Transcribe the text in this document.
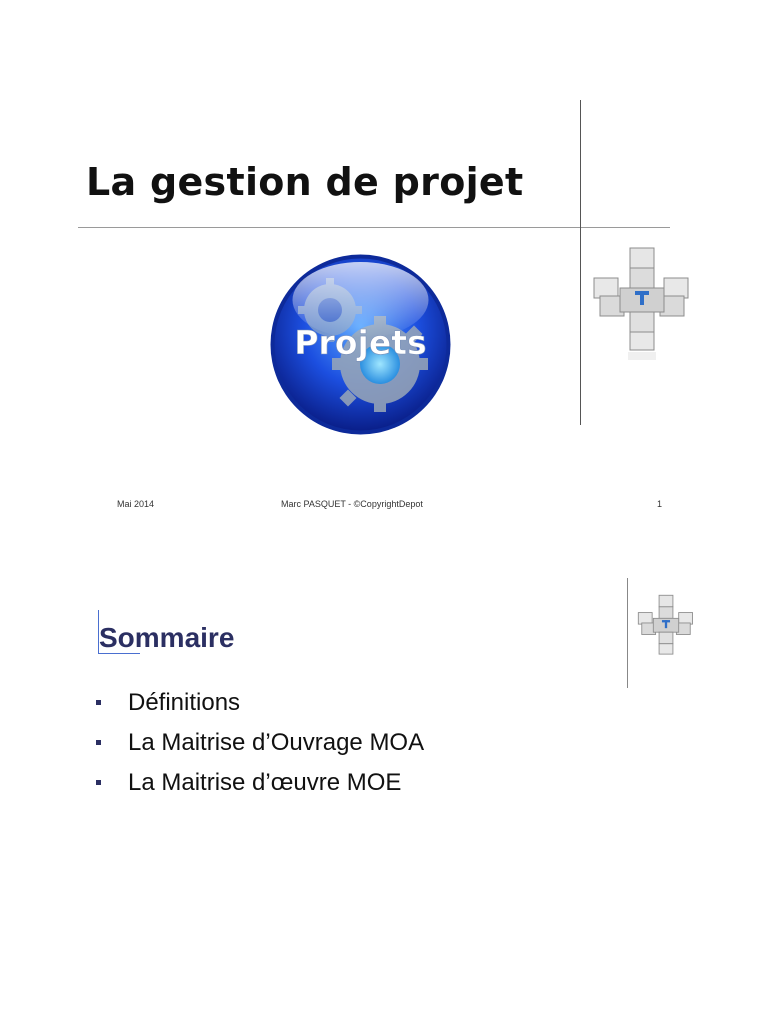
La gestion de projet
Projets
Mai 2014	Marc PASQUET - ©CopyrightDepot	1
Sommaire
Définitions
La Maitrise d’Ouvrage MOA
La Maitrise d’œuvre MOE
